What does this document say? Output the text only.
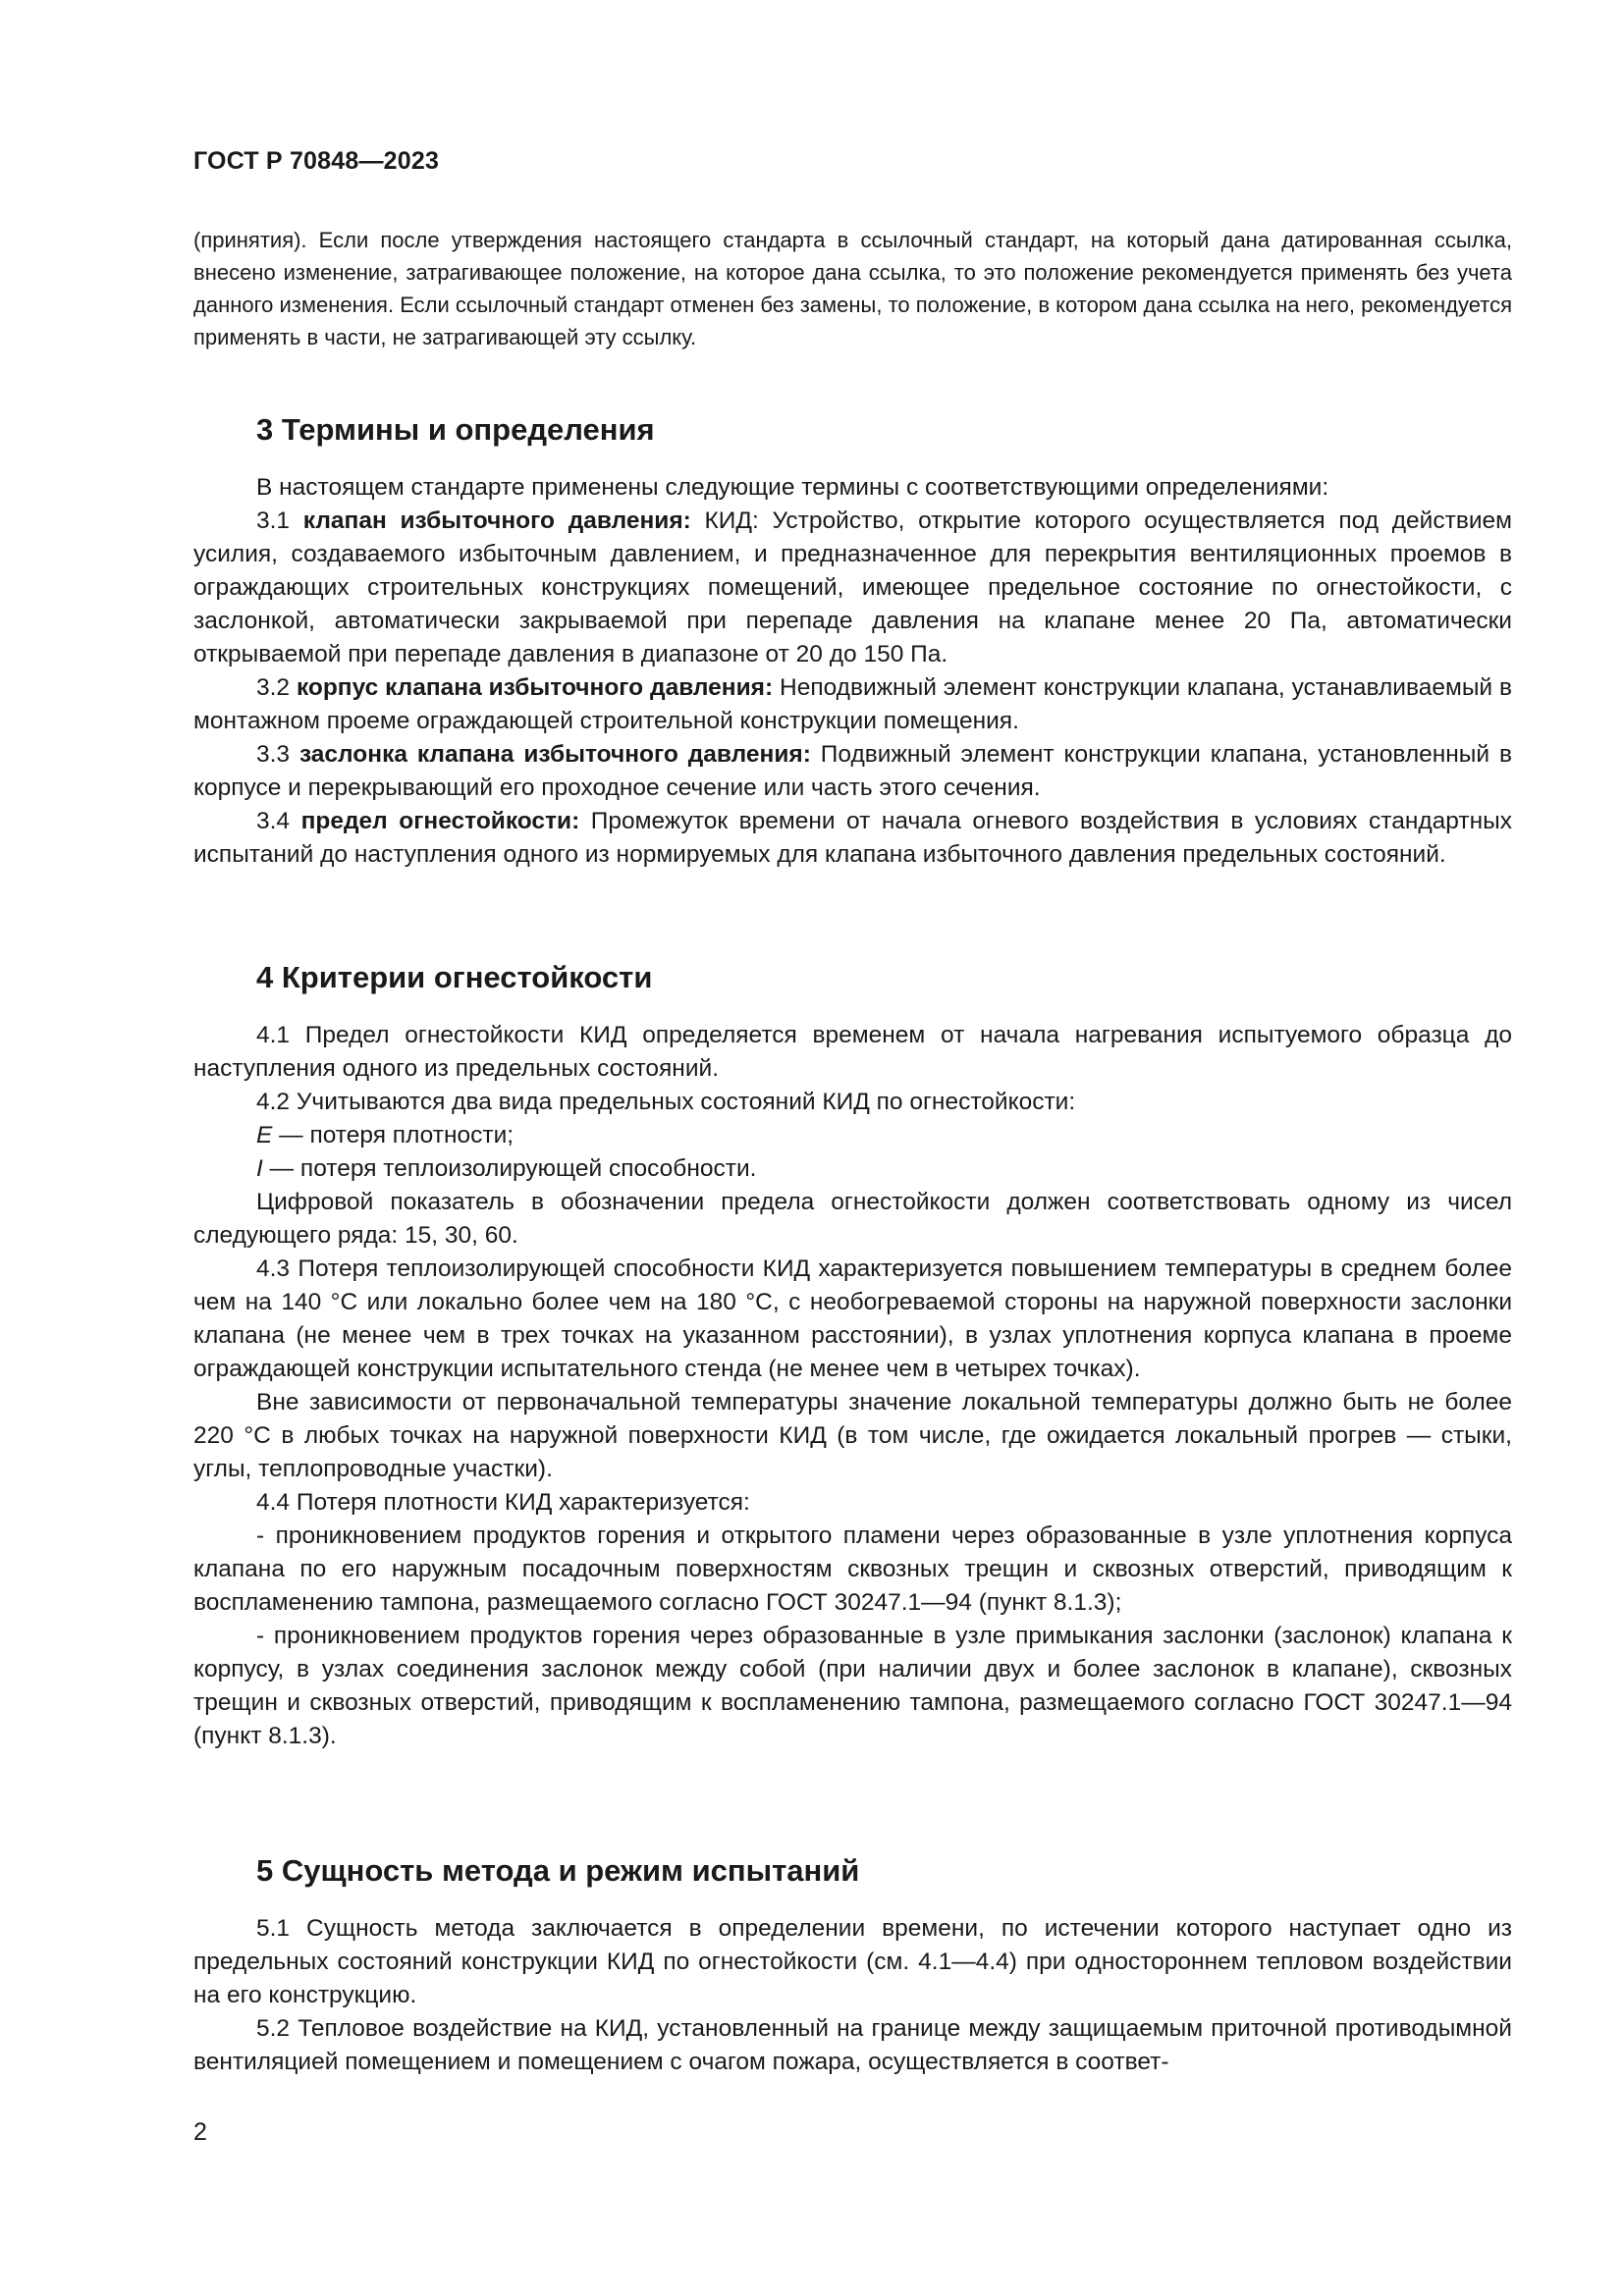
ГОСТ Р 70848—2023

(принятия). Если после утверждения настоящего стандарта в ссылочный стандарт, на который дана датированная ссылка, внесено изменение, затрагивающее положение, на которое дана ссылка, то это положение рекомендуется применять без учета данного изменения. Если ссылочный стандарт отменен без замены, то положение, в котором дана ссылка на него, рекомендуется применять в части, не затрагивающей эту ссылку.

3 Термины и определения

В настоящем стандарте применены следующие термины с соответствующими определениями:

3.1 клапан избыточного давления: КИД: Устройство, открытие которого осуществляется под действием усилия, создаваемого избыточным давлением, и предназначенное для перекрытия вентиляционных проемов в ограждающих строительных конструкциях помещений, имеющее предельное состояние по огнестойкости, с заслонкой, автоматически закрываемой при перепаде давления на клапане менее 20 Па, автоматически открываемой при перепаде давления в диапазоне от 20 до 150 Па.

3.2 корпус клапана избыточного давления: Неподвижный элемент конструкции клапана, устанавливаемый в монтажном проеме ограждающей строительной конструкции помещения.

3.3 заслонка клапана избыточного давления: Подвижный элемент конструкции клапана, установленный в корпусе и перекрывающий его проходное сечение или часть этого сечения.

3.4 предел огнестойкости: Промежуток времени от начала огневого воздействия в условиях стандартных испытаний до наступления одного из нормируемых для клапана избыточного давления предельных состояний.

4 Критерии огнестойкости

4.1 Предел огнестойкости КИД определяется временем от начала нагревания испытуемого образца до наступления одного из предельных состояний.

4.2 Учитываются два вида предельных состояний КИД по огнестойкости:

E — потеря плотности;

I — потеря теплоизолирующей способности.

Цифровой показатель в обозначении предела огнестойкости должен соответствовать одному из чисел следующего ряда: 15, 30, 60.

4.3 Потеря теплоизолирующей способности КИД характеризуется повышением температуры в среднем более чем на 140 °С или локально более чем на 180 °С, с необогреваемой стороны на наружной поверхности заслонки клапана (не менее чем в трех точках на указанном расстоянии), в узлах уплотнения корпуса клапана в проеме ограждающей конструкции испытательного стенда (не менее чем в четырех точках).

Вне зависимости от первоначальной температуры значение локальной температуры должно быть не более 220 °С в любых точках на наружной поверхности КИД (в том числе, где ожидается локальный прогрев — стыки, углы, теплопроводные участки).

4.4 Потеря плотности КИД характеризуется:

- проникновением продуктов горения и открытого пламени через образованные в узле уплотнения корпуса клапана по его наружным посадочным поверхностям сквозных трещин и сквозных отверстий, приводящим к воспламенению тампона, размещаемого согласно ГОСТ 30247.1—94 (пункт 8.1.3);

- проникновением продуктов горения через образованные в узле примыкания заслонки (заслонок) клапана к корпусу, в узлах соединения заслонок между собой (при наличии двух и более заслонок в клапане), сквозных трещин и сквозных отверстий, приводящим к воспламенению тампона, размещаемого согласно ГОСТ 30247.1—94 (пункт 8.1.3).

5 Сущность метода и режим испытаний

5.1 Сущность метода заключается в определении времени, по истечении которого наступает одно из предельных состояний конструкции КИД по огнестойкости (см. 4.1—4.4) при одностороннем тепловом воздействии на его конструкцию.

5.2 Тепловое воздействие на КИД, установленный на границе между защищаемым приточной противодымной вентиляцией помещением и помещением с очагом пожара, осуществляется в соответ-

2
